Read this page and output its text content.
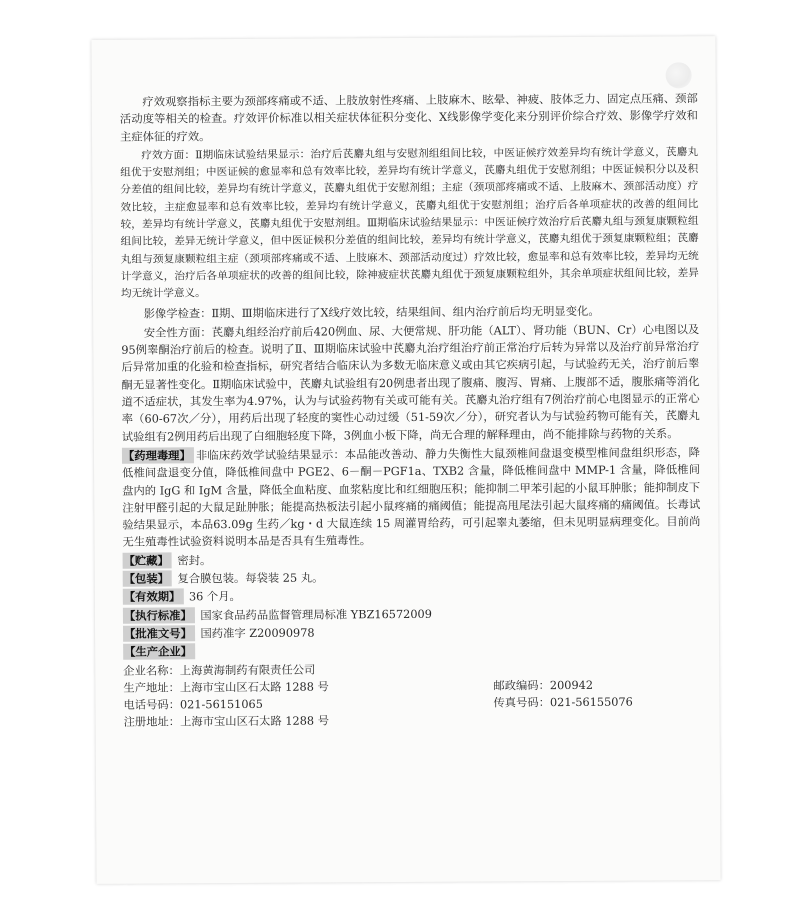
疗效观察指标主要为颈部疼痛或不适、上肢放射性疼痛、上肢麻木、眩晕、神疲、肢体乏力、固定点压痛、颈部活动度等相关的检查。疗效评价标准以相关症状体征积分变化、X线影像学变化来分别评价综合疗效、影像学疗效和主症体征的疗效。

疗效方面：Ⅱ期临床试验结果显示：治疗后芪麝丸组与安慰剂组组间比较，中医证候疗效差异均有统计学意义，芪麝丸组优于安慰剂组；中医证候的愈显率和总有效率比较，差异均有统计学意义，芪麝丸组优于安慰剂组；中医证候积分以及积分差值的组间比较，差异均有统计学意义，芪麝丸组优于安慰剂组；主症（颈项部疼痛或不适、上肢麻木、颈部活动度）疗效比较，主症愈显率和总有效率比较，差异均有统计学意义，芪麝丸组优于安慰剂组；治疗后各单项症状的改善的组间比较，差异均有统计学意义，芪麝丸组优于安慰剂组。Ⅲ期临床试验结果显示：中医证候疗效治疗后芪麝丸组与颈复康颗粒组组间比较，差异无统计学意义，但中医证候积分差值的组间比较，差异均有统计学意义，芪麝丸组优于颈复康颗粒组；芪麝丸组与颈复康颗粒组主症（颈项部疼痛或不适、上肢麻木、颈部活动度过）疗效比较，愈显率和总有效率比较，差异均无统计学意义，治疗后各单项症状的改善的组间比较，除神疲症状芪麝丸组优于颈复康颗粒组外，其余单项症状组间比较，差异均无统计学意义。

影像学检查：Ⅱ期、Ⅲ期临床进行了X线疗效比较，结果组间、组内治疗前后均无明显变化。

安全性方面：芪麝丸组经治疗前后420例血、尿、大便常规、肝功能（ALT）、肾功能（BUN、Cr）心电图以及95例睾酮治疗前后的检查。说明了Ⅱ、Ⅲ期临床试验中芪麝丸治疗组治疗前正常治疗后转为异常以及治疗前异常治疗后异常加重的化验和检查指标，研究者结合临床认为多数无临床意义或由其它疾病引起，与试验药无关，治疗前后睾酮无显著性变化。Ⅱ期临床试验中，芪麝丸试验组有20例患者出现了腹痛、腹泻、胃痛、上腹部不适，腹胀痛等消化道不适症状，其发生率为4.97%，认为与试验药物有关或可能有关。芪麝丸治疗组有7例治疗前心电图显示的正常心率（60-67次／分），用药后出现了轻度的窦性心动过缓（51-59次／分），研究者认为与试验药物可能有关，芪麝丸试验组有2例用药后出现了白细胞轻度下降，3例血小板下降，尚无合理的解释理由，尚不能排除与药物的关系。

【药理毒理】 非临床药效学试验结果显示：本品能改善动、静力失衡性大鼠颈椎间盘退变模型椎间盘组织形态，降低椎间盘退变分值，降低椎间盘中 PGE2、6－酮－PGF1a、TXB2 含量，降低椎间盘中 MMP-1 含量，降低椎间盘内的 IgG 和 IgM 含量，降低全血粘度、血浆粘度比和红细胞压积；能抑制二甲苯引起的小鼠耳肿胀；能抑制皮下注射甲醛引起的大鼠足趾肿胀；能提高热板法引起小鼠疼痛的痛阈值；能提高甩尾法引起大鼠疼痛的痛阈值。长毒试验结果显示，本品63.09g 生药／kg・d 大鼠连续 15 周灌胃给药，可引起睾丸萎缩，但未见明显病理变化。目前尚无生殖毒性试验资料说明本品是否具有生殖毒性。
【贮藏】 密封。
【包装】 复合膜包装。每袋装 25 丸。
【有效期】 36 个月。
【执行标准】 国家食品药品监督管理局标准 YBZ16572009
【批准文号】 国药准字 Z20090978
【生产企业】

企业名称：上海黄海制药有限责任公司

生产地址：上海市宝山区石太路 1288 号	邮政编码：200942
电话号码：021-56151065	传真号码：021-56155076

注册地址：上海市宝山区石太路 1288 号
